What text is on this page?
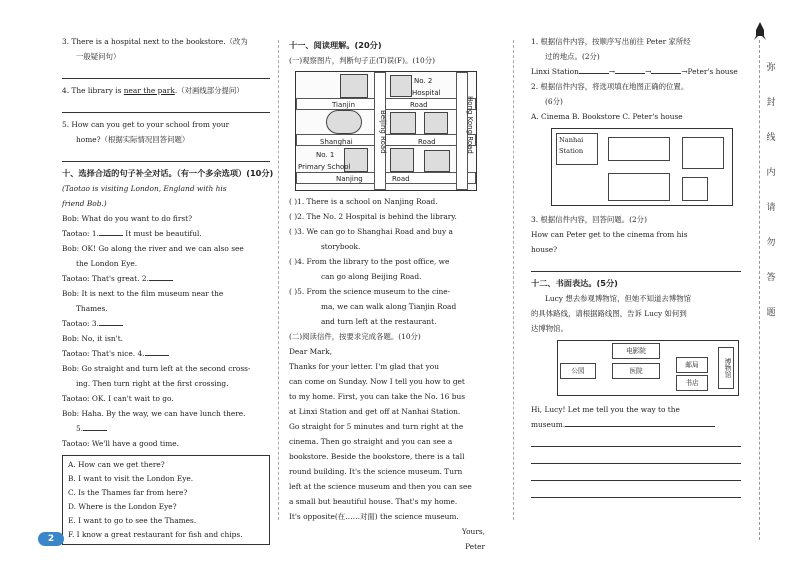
3. There is a hospital next to the bookstore.（改为
一般疑问句）
4. The library is near the park.（对画线部分提问）
5. How can you get to your school from your
home?（根据实际情况回答问题）
十、选择合适的句子补全对话。（有一个多余选项）(10分)
(Taotao is visiting London, England with his
friend Bob.)
Bob: What do you want to do first?
Taotao: 1.	It must be beautiful.
Bob: OK! Go along the river and we can also see
the London Eye.
Taotao: That's great. 2.
Bob: It is next to the film museum near the
Thames.
Taotao: 3.
Bob: No, it isn't.
Taotao: That's nice. 4.
Bob: Go straight and turn left at the second cross-
ing. Then turn right at the first crossing.
Taotao: OK. I can't wait to go.
Bob: Haha. By the way, we can have lunch there.
5.
Taotao: We'll have a good time.
A. How can we get there?
B. I want to visit the London Eye.
C. Is the Thames far from here?
D. Where is the London Eye?
E. I want to go to see the Thames.
F. I know a great restaurant for fish and chips.
十一、阅读理解。(20分)
(一)观察图片，判断句子正(T)误(F)。(10分)
Tianjin	Road
No. 2
Hospital
Hong Kong Road
Beijing Road
Shanghai	Road
No. 1
Primary School
Nanjing	Road
( )1. There is a school on Nanjing Road.
( )2. The No. 2 Hospital is behind the library.
( )3. We can go to Shanghai Road and buy a
storybook.
( )4. From the library to the post office, we
can go along Beijing Road.
( )5. From the science museum to the cine-
ma, we can walk along Tianjin Road
and turn left at the restaurant.
(二)阅读信件，按要求完成各题。(10分)
Dear Mark,
Thanks for your letter. I'm glad that you
can come on Sunday. Now I tell you how to get
to my home. First, you can take the No. 16 bus
at Linxi Station and get off at Nanhai Station.
Go straight for 5 minutes and turn right at the
cinema. Then go straight and you can see a
bookstore. Beside the bookstore, there is a tall
round building. It's the science museum. Turn
left at the science museum and then you can see
a small but beautiful house. That's my home.
It's opposite(在……对面) the science museum.
Yours,
Peter
1. 根据信件内容，按顺序写出前往 Peter 家所经
过的地点。(2分)
Linxi Station	→	→	→Peter's house
2. 根据信件内容，将选项填在地图正确的位置。
(6分)
A. Cinema B. Bookstore C. Peter's house
Nanhai
Station
3. 根据信件内容，回答问题。(2分)
How can Peter get to the cinema from his
house?
十二、书面表达。(5分)
Lucy 想去参观博物馆，但她不知道去博物馆
的具体路线，请根据路线图，告诉 Lucy 如何到
达博物馆。
电影院
公园	医院
邮局
书店
博物馆
Hi, Lucy! Let me tell you the way to the
museum.
弥
封
线
内
请
勿
答
题
2
